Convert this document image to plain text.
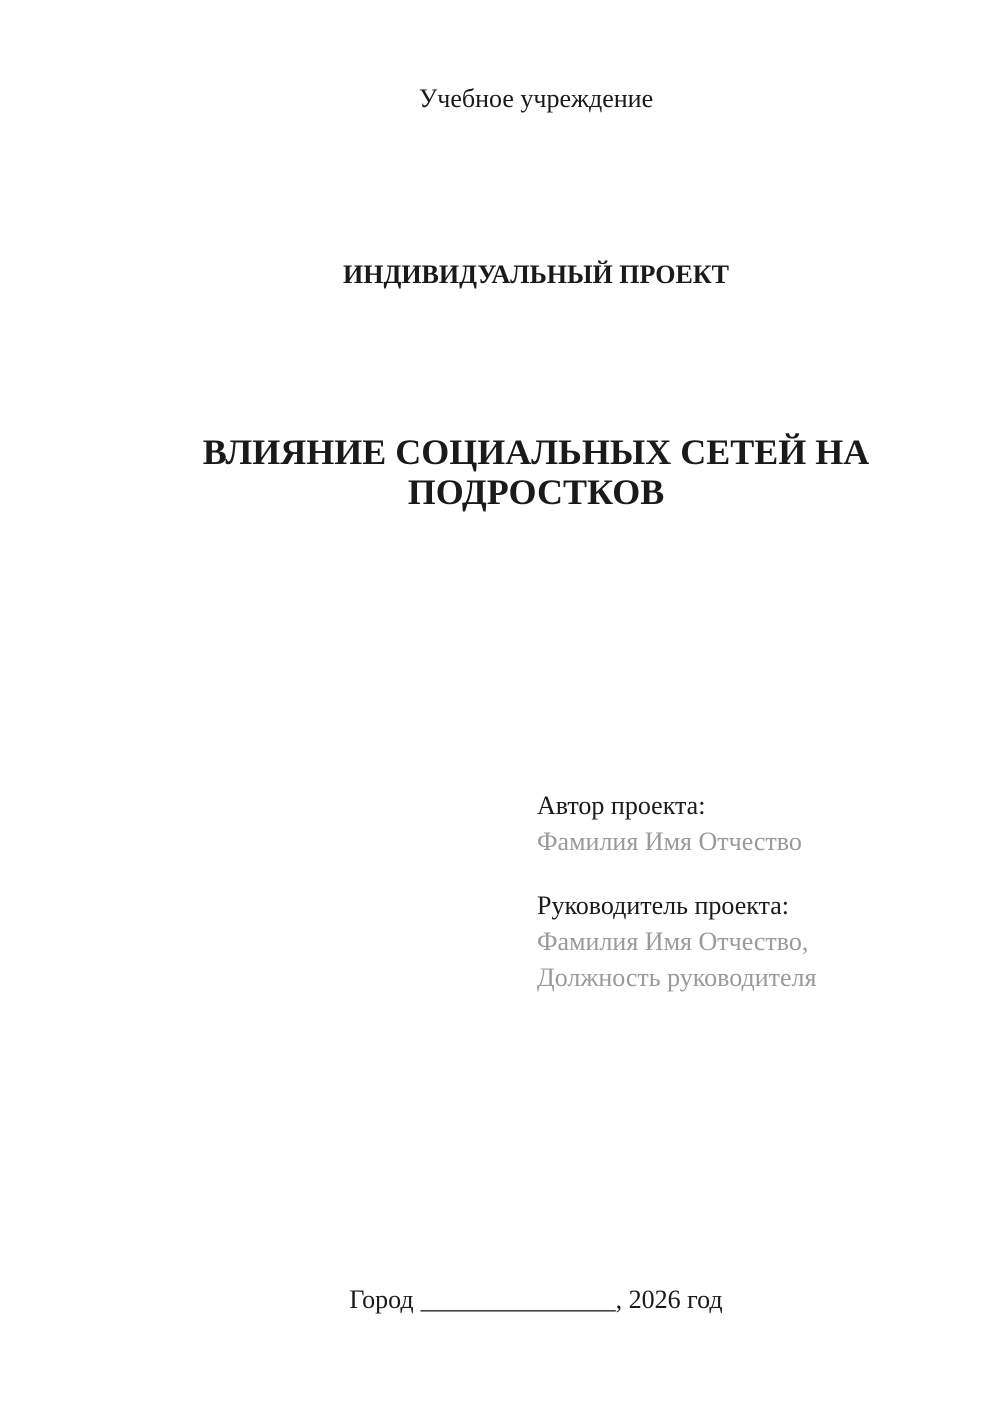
Учебное учреждение
ИНДИВИДУАЛЬНЫЙ ПРОЕКТ
ВЛИЯНИЕ СОЦИАЛЬНЫХ СЕТЕЙ НА ПОДРОСТКОВ
Автор проекта:
Фамилия Имя Отчество
Руководитель проекта:
Фамилия Имя Отчество,
Должность руководителя
Город _______________, 2026 год
